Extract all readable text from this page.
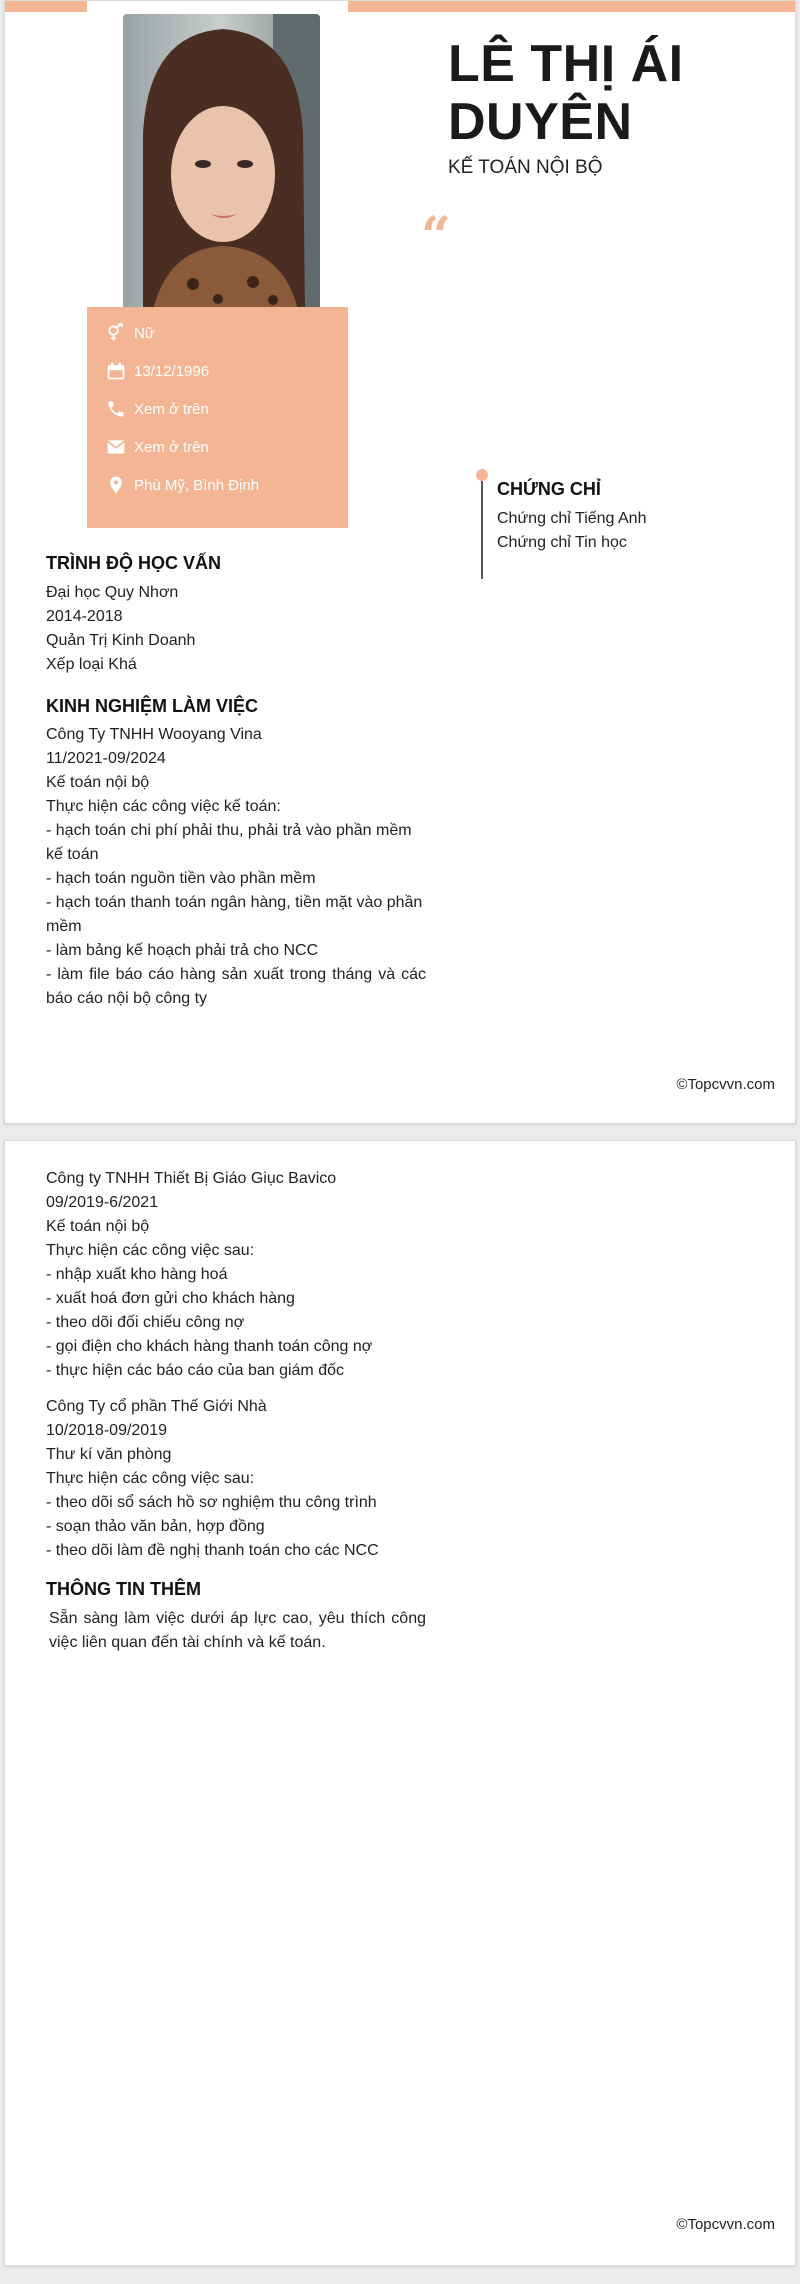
Nữ
13/12/1996
Xem ở trên
Xem ở trên
Phù Mỹ, Bình Định
LÊ THỊ ÁI DUYÊN
KẾ TOÁN NỘI BỘ
“
CHỨNG CHỈ
Chứng chỉ Tiếng Anh
Chứng chỉ Tin học
TRÌNH ĐỘ HỌC VẤN
Đại học Quy Nhơn
2014-2018
Quản Trị Kinh Doanh
Xếp loại Khá
KINH NGHIỆM LÀM VIỆC
Công Ty TNHH Wooyang Vina
11/2021-09/2024
Kế toán nội bộ
Thực hiện các công việc kế toán:
- hạch toán chi phí phải thu, phải trả vào phần mềm kế toán
- hạch toán nguồn tiền vào phần mềm
- hạch toán thanh toán ngân hàng, tiền mặt vào phần mềm
- làm bảng kế hoạch phải trả cho NCC
- làm file báo cáo hàng sản xuất trong tháng và các báo cáo nội bộ công ty
©Topcvvn.com
Công ty TNHH Thiết Bị Giáo Giục Bavico
09/2019-6/2021
Kế toán nội bộ
Thực hiện các công việc sau:
- nhập xuất kho hàng hoá
- xuất hoá đơn gửi cho khách hàng
- theo dõi đối chiếu công nợ
- gọi điện cho khách hàng thanh toán công nợ
- thực hiện các báo cáo của ban giám đốc
Công Ty cổ phần Thế Giới Nhà
10/2018-09/2019
Thư kí văn phòng
Thực hiện các công việc sau:
- theo dõi sổ sách hồ sơ nghiệm thu công trình
- soạn thảo văn bản, hợp đồng
- theo dõi làm đề nghị thanh toán cho các NCC
THÔNG TIN THÊM
Sẵn sàng làm việc dưới áp lực cao, yêu thích công việc liên quan đến tài chính và kế toán.
©Topcvvn.com
